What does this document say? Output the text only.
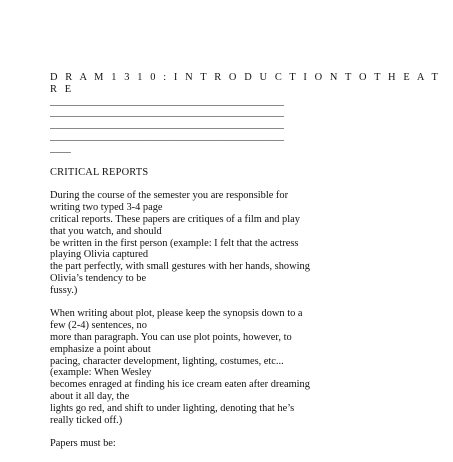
D R A M 1 3 1 0 : I N T R O D U C T I O N T O T H E A T
R E
_____________________________________________
_____________________________________________
_____________________________________________
_____________________________________________
____
CRITICAL REPORTS
During the course of the semester you are responsible for
writing two typed 3-4 page
critical reports. These papers are critiques of a film and play
that you watch, and should
be written in the first person (example: I felt that the actress
playing Olivia captured
the part perfectly, with small gestures with her hands, showing
Olivia’s tendency to be
fussy.)
When writing about plot, please keep the synopsis down to a
few (2-4) sentences, no
more than paragraph. You can use plot points, however, to
emphasize a point about
pacing, character development, lighting, costumes, etc...
(example: When Wesley
becomes enraged at finding his ice cream eaten after dreaming
about it all day, the
lights go red, and shift to under lighting, denoting that he’s
really ticked off.)
Papers must be:
